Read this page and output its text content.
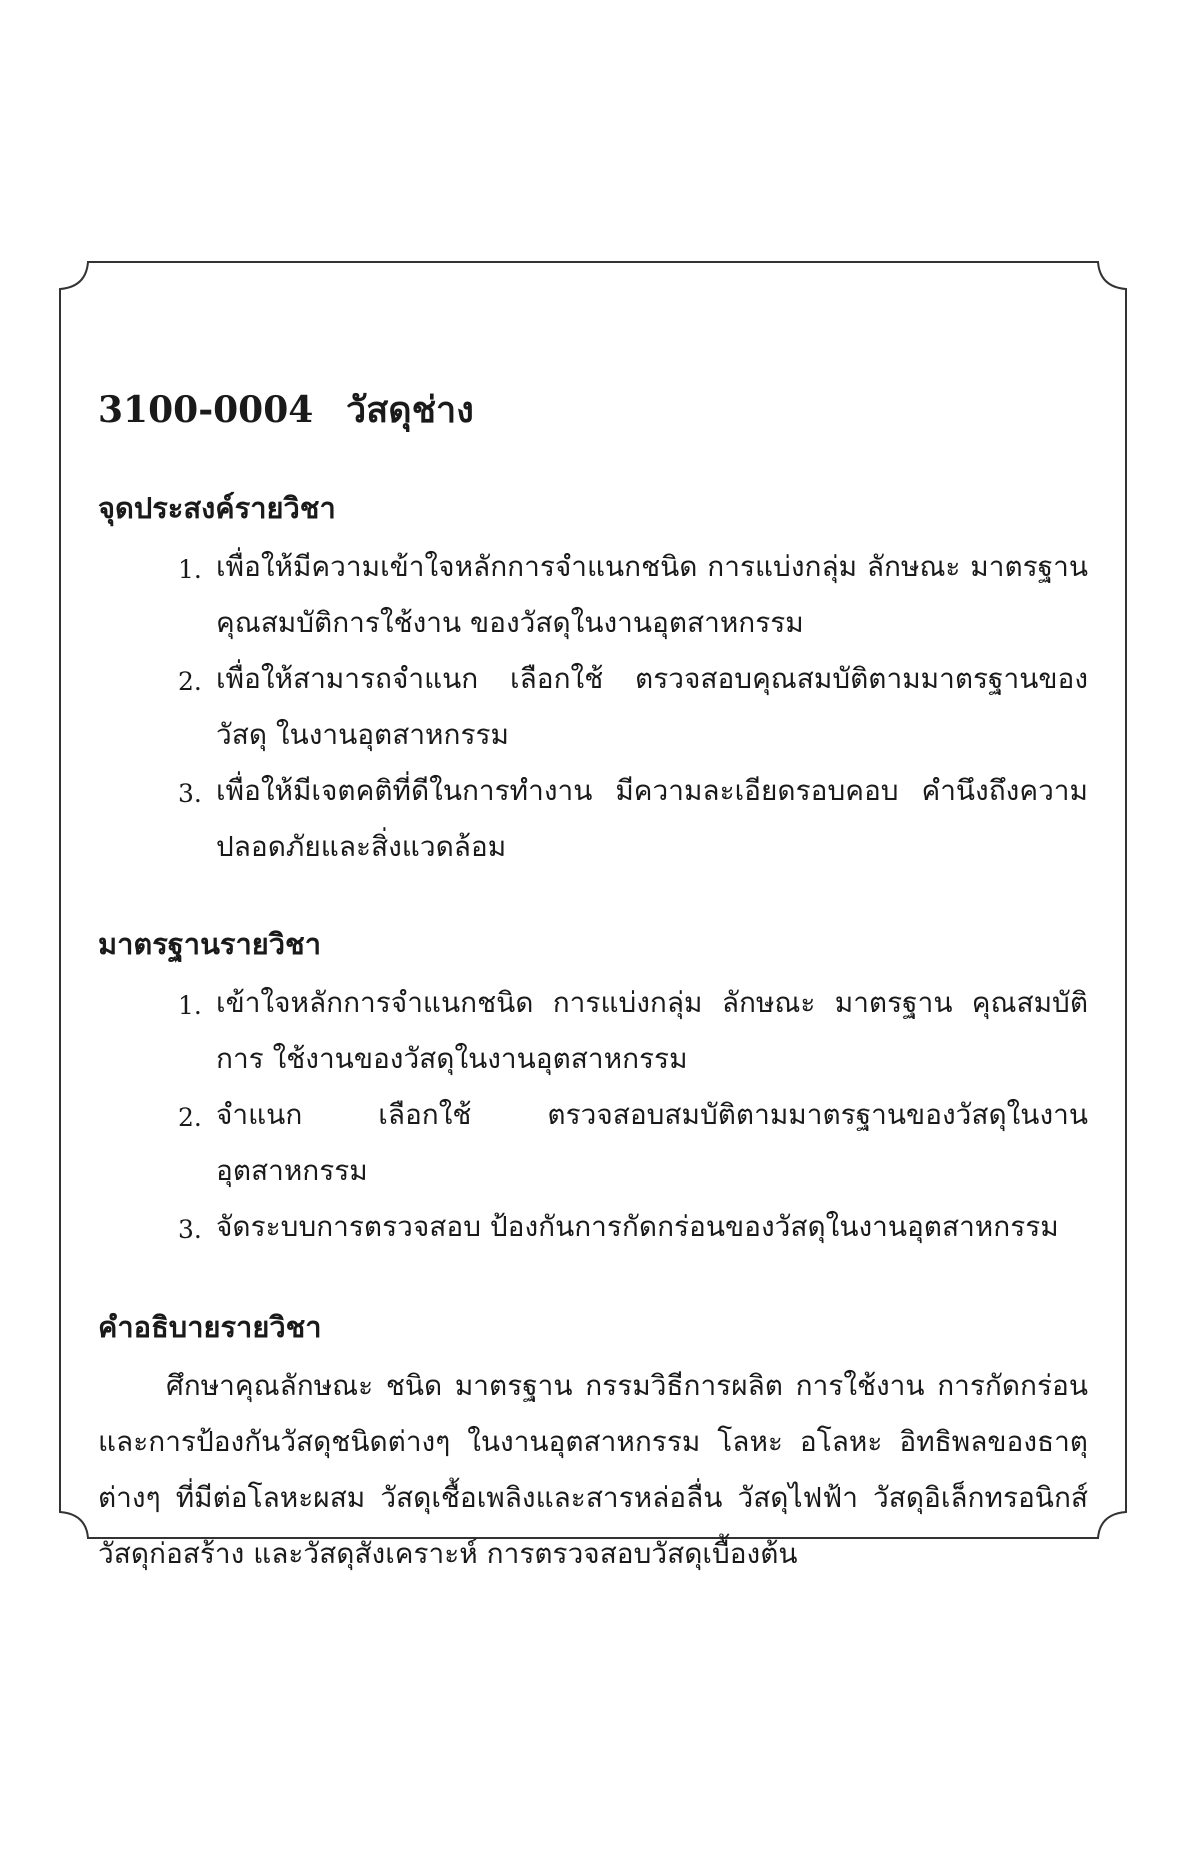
3100-0004 วัสดุช่าง
จุดประสงค์รายวิชา
1. เพื่อให้มีความเข้าใจหลักการจำแนกชนิด การแบ่งกลุ่ม ลักษณะ มาตรฐาน คุณสมบัติการใช้งาน ของวัสดุในงานอุตสาหกรรม
2. เพื่อให้สามารถจำแนก เลือกใช้ ตรวจสอบคุณสมบัติตามมาตรฐานของวัสดุ ในงานอุตสาหกรรม
3. เพื่อให้มีเจตคติที่ดีในการทำงาน มีความละเอียดรอบคอบ คำนึงถึงความ ปลอดภัยและสิ่งแวดล้อม
มาตรฐานรายวิชา
1. เข้าใจหลักการจำแนกชนิด การแบ่งกลุ่ม ลักษณะ มาตรฐาน คุณสมบัติการ ใช้งานของวัสดุในงานอุตสาหกรรม
2. จำแนก เลือกใช้ ตรวจสอบสมบัติตามมาตรฐานของวัสดุในงานอุตสาหกรรม
3. จัดระบบการตรวจสอบ ป้องกันการกัดกร่อนของวัสดุในงานอุตสาหกรรม
คำอธิบายรายวิชา

ศึกษาคุณลักษณะ ชนิด มาตรฐาน กรรมวิธีการผลิต การใช้งาน การกัดกร่อน และการป้องกันวัสดุชนิดต่างๆ ในงานอุตสาหกรรม โลหะ อโลหะ อิทธิพลของธาตุ ต่างๆ ที่มีต่อโลหะผสม วัสดุเชื้อเพลิงและสารหล่อลื่น วัสดุไฟฟ้า วัสดุอิเล็กทรอนิกส์ วัสดุก่อสร้าง และวัสดุสังเคราะห์ การตรวจสอบวัสดุเบื้องต้น
